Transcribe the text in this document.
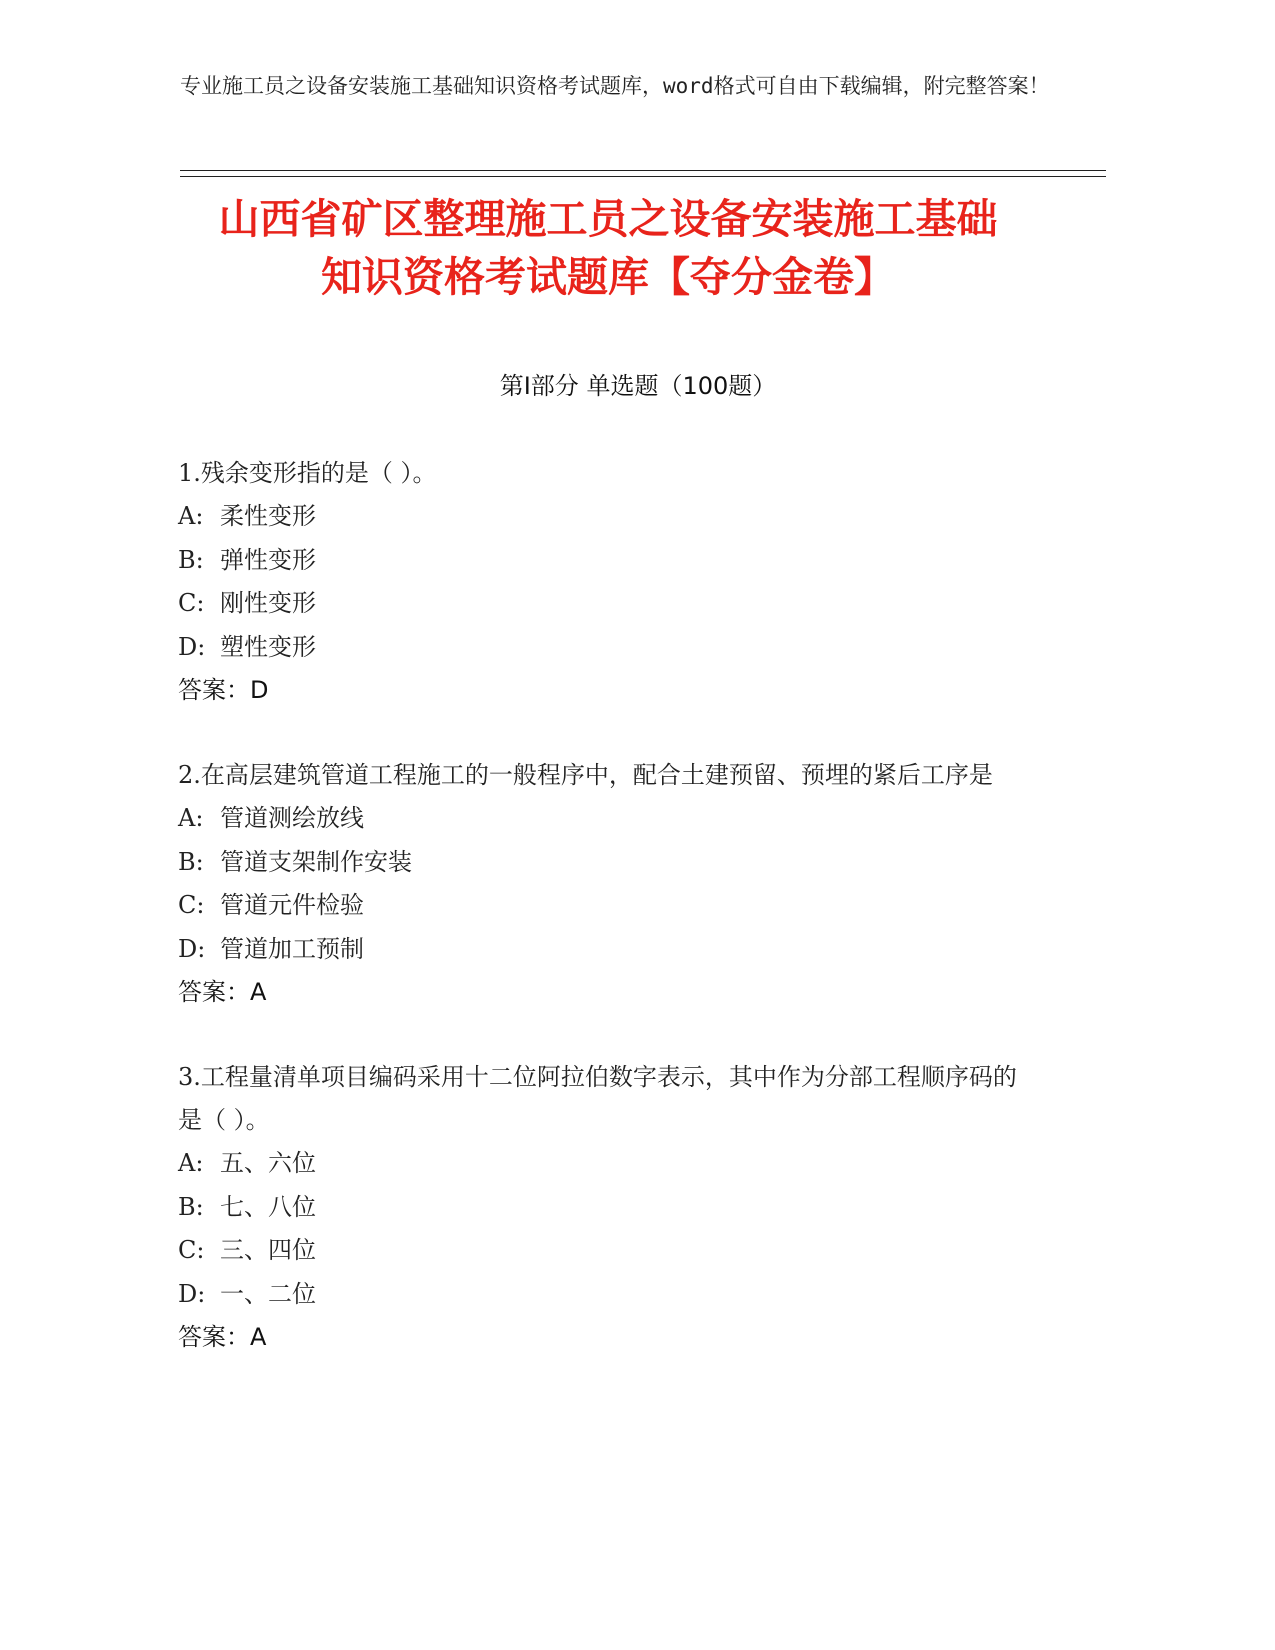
专业施工员之设备安装施工基础知识资格考试题库，word格式可自由下载编辑，附完整答案！
山西省矿区整理施工员之设备安装施工基础
知识资格考试题库【夺分金卷】
第Ⅰ部分 单选题（100题）
1.残余变形指的是（ ）。
A: 柔性变形
B: 弹性变形
C: 刚性变形
D: 塑性变形
答案：D
2.在高层建筑管道工程施工的一般程序中，配合土建预留、预埋的紧后工序是
A: 管道测绘放线
B: 管道支架制作安装
C: 管道元件检验
D: 管道加工预制
答案：A
3.工程量清单项目编码采用十二位阿拉伯数字表示，其中作为分部工程顺序码的是（ ）。
A: 五、六位
B: 七、八位
C: 三、四位
D: 一、二位
答案：A
